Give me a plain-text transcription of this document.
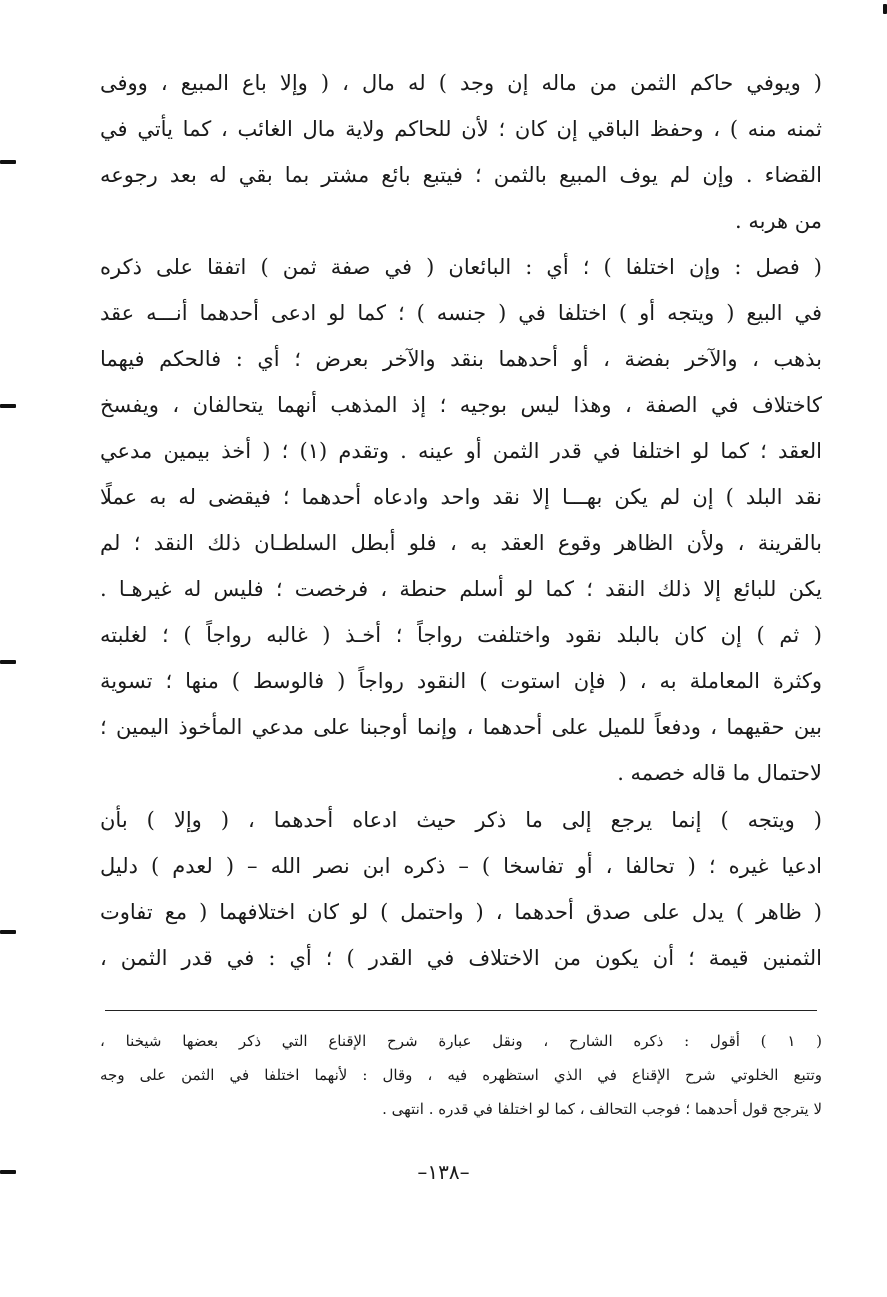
( ويوفي حاكم الثمن من ماله إن وجد ) له مال ، ( وإلا باع المبيع ، ووفى
ثمنه منه ) ، وحفظ الباقي إن كان ؛ لأن للحاكم ولاية مال الغائب ، كما يأتي في
القضاء . وإن لم يوف المبيع بالثمن ؛ فيتبع بائع مشتر بما بقي له بعد رجوعه
من هربه .
( فصل : وإن اختلفا ) ؛ أي : البائعان ( في صفة ثمن ) اتفقا على ذكره
في البيع ( ويتجه أو ) اختلفا في ( جنسه ) ؛ كما لو ادعى أحدهما أنـــه عقد
بذهب ، والآخر بفضة ، أو أحدهما بنقد والآخر بعرض ؛ أي : فالحكم فيهما
كاختلاف في الصفة ، وهذا ليس بوجيه ؛ إذ المذهب أنهما يتحالفان ، ويفسخ
العقد ؛ كما لو اختلفا في قدر الثمن أو عينه . وتقدم (١) ؛ ( أخذ بيمين مدعي
نقد البلد ) إن لم يكن بهـــا إلا نقد واحد وادعاه أحدهما ؛ فيقضى له به عملًا
بالقرينة ، ولأن الظاهر وقوع العقد به ، فلو أبطل السلطـان ذلك النقد ؛ لم
يكن للبائع إلا ذلك النقد ؛ كما لو أسلم حنطة ، فرخصت ؛ فليس له غيرهـا .
( ثم ) إن كان بالبلد نقود واختلفت رواجاً ؛ أخـذ ( غالبه رواجاً ) ؛ لغلبته
وكثرة المعاملة به ، ( فإن استوت ) النقود رواجاً ( فالوسط ) منها ؛ تسوية
بين حقيهما ، ودفعاً للميل على أحدهما ، وإنما أوجبنا على مدعي المأخوذ اليمين ؛
لاحتمال ما قاله خصمه .
( ويتجه ) إنما يرجع إلى ما ذكر حيث ادعاه أحدهما ، ( وإلا ) بأن
ادعيا غيره ؛ ( تحالفا ، أو تفاسخا ) – ذكره ابن نصر الله – ( لعدم ) دليل
( ظاهر ) يدل على صدق أحدهما ، ( واحتمل ) لو كان اختلافهما ( مع تفاوت
الثمنين قيمة ؛ أن يكون من الاختلاف في القدر ) ؛ أي : في قدر الثمن ،
( ١ ) أقول : ذكره الشارح ، ونقل عبارة شرح الإقناع التي ذكر بعضها شيخنا ،
وتتبع الخلوتي شرح الإقناع في الذي استظهره فيه ، وقال : لأنهما اختلفا في الثمن على وجه
لا يترجح قول أحدهما ؛ فوجب التحالف ، كما لو اختلفا في قدره . انتهى .
–١٣٨–
